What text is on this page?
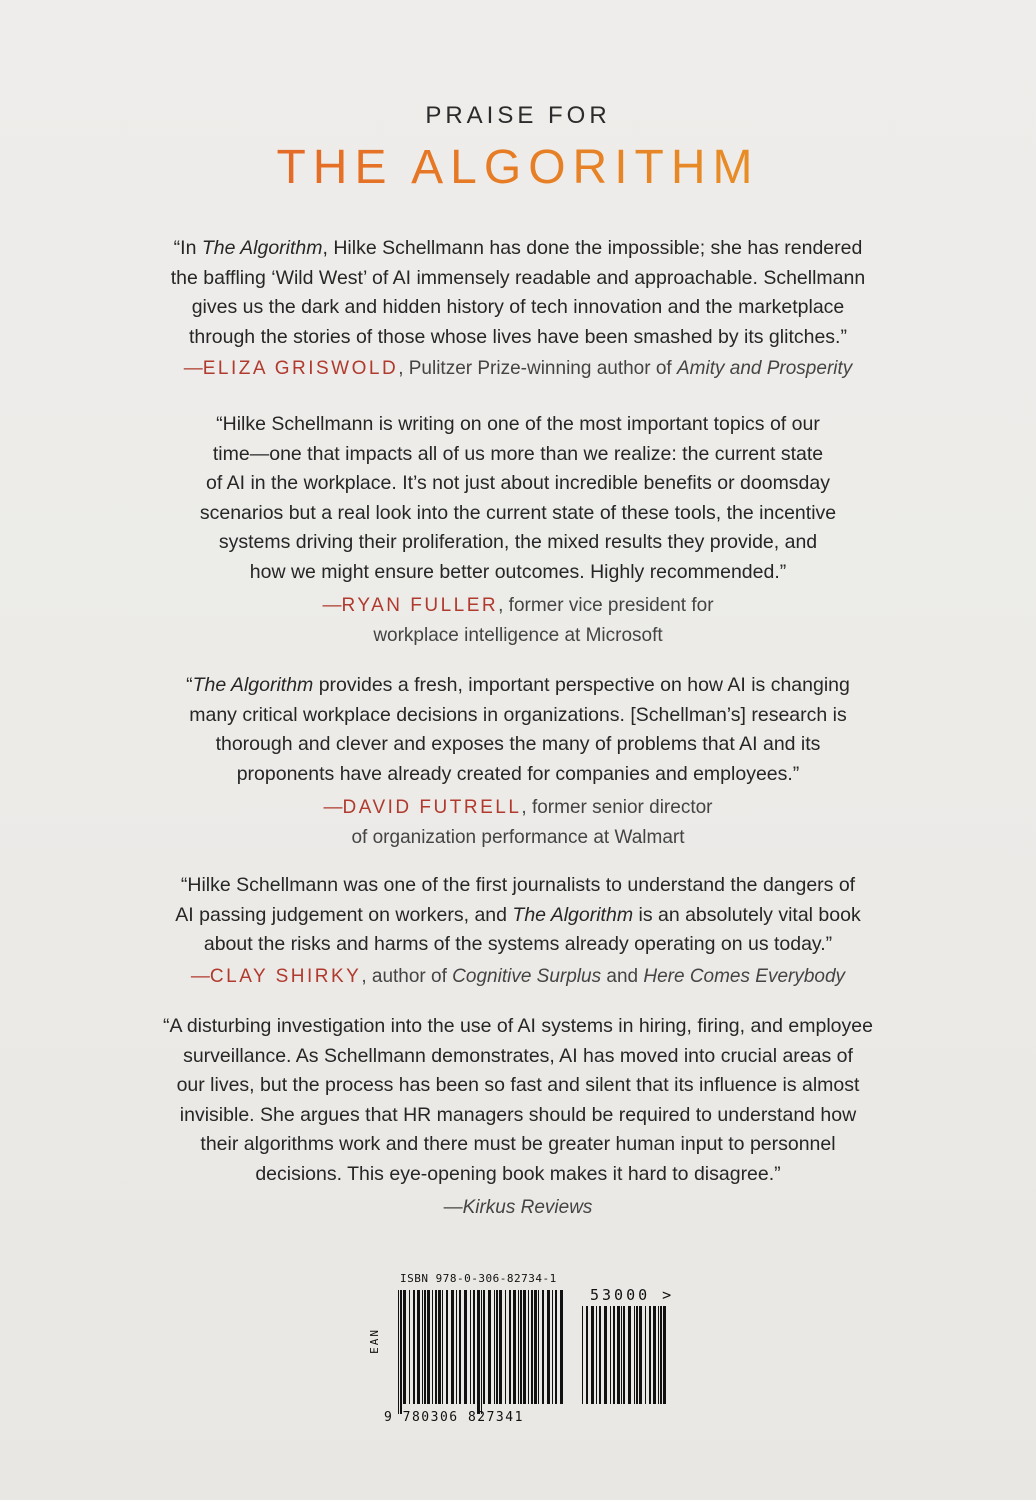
PRAISE FOR
THE ALGORITHM
“In The Algorithm, Hilke Schellmann has done the impossible; she has rendered
the baffling ‘Wild West’ of AI immensely readable and approachable. Schellmann
gives us the dark and hidden history of tech innovation and the marketplace
through the stories of those whose lives have been smashed by its glitches.”
—ELIZA GRISWOLD, Pulitzer Prize-winning author of Amity and Prosperity
“Hilke Schellmann is writing on one of the most important topics of our
time—one that impacts all of us more than we realize: the current state
of AI in the workplace. It’s not just about incredible benefits or doomsday
scenarios but a real look into the current state of these tools, the incentive
systems driving their proliferation, the mixed results they provide, and
how we might ensure better outcomes. Highly recommended.”
—RYAN FULLER, former vice president for
workplace intelligence at Microsoft
“The Algorithm provides a fresh, important perspective on how AI is changing
many critical workplace decisions in organizations. [Schellman’s] research is
thorough and clever and exposes the many of problems that AI and its
proponents have already created for companies and employees.”
—DAVID FUTRELL, former senior director
of organization performance at Walmart
“Hilke Schellmann was one of the first journalists to understand the dangers of
AI passing judgement on workers, and The Algorithm is an absolutely vital book
about the risks and harms of the systems already operating on us today.”
—CLAY SHIRKY, author of Cognitive Surplus and Here Comes Everybody
“A disturbing investigation into the use of AI systems in hiring, firing, and employee
surveillance. As Schellmann demonstrates, AI has moved into crucial areas of
our lives, but the process has been so fast and silent that its influence is almost
invisible. She argues that HR managers should be required to understand how
their algorithms work and there must be greater human input to personnel
decisions. This eye-opening book makes it hard to disagree.”
—Kirkus Reviews
ISBN 978-0-306-82734-1
EAN
9 780306 827341
53000 >
